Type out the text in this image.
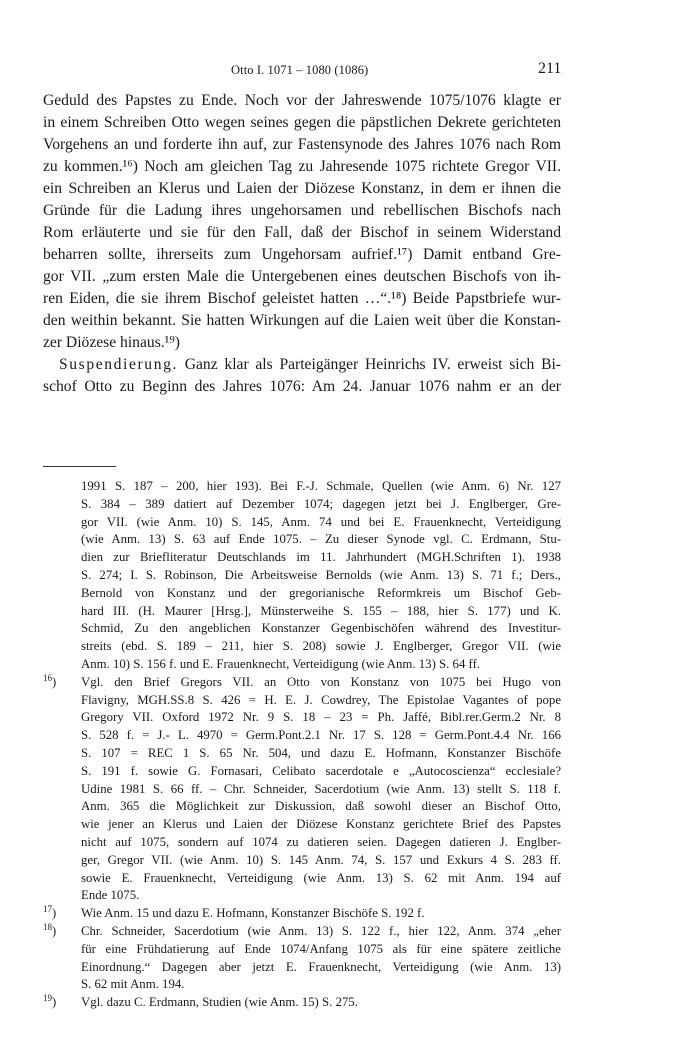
Otto I. 1071 – 1080 (1086)	211
Geduld des Papstes zu Ende. Noch vor der Jahreswende 1075/1076 klagte er
in einem Schreiben Otto wegen seines gegen die päpstlichen Dekrete gerichteten
Vorgehens an und forderte ihn auf, zur Fastensynode des Jahres 1076 nach Rom
zu kommen.¹⁶) Noch am gleichen Tag zu Jahresende 1075 richtete Gregor VII.
ein Schreiben an Klerus und Laien der Diözese Konstanz, in dem er ihnen die
Gründe für die Ladung ihres ungehorsamen und rebellischen Bischofs nach
Rom erläuterte und sie für den Fall, daß der Bischof in seinem Widerstand
beharren sollte, ihrerseits zum Ungehorsam aufrief.¹⁷) Damit entband Gre-
gor VII. „zum ersten Male die Untergebenen eines deutschen Bischofs von ih-
ren Eiden, die sie ihrem Bischof geleistet hatten …“.¹⁸) Beide Papstbriefe wur-
den weithin bekannt. Sie hatten Wirkungen auf die Laien weit über die Konstan-
zer Diözese hinaus.¹⁹)
Suspendierung. Ganz klar als Parteigänger Heinrichs IV. erweist sich Bi-
schof Otto zu Beginn des Jahres 1076: Am 24. Januar 1076 nahm er an der
1991 S. 187 – 200, hier 193). Bei F.-J. Schmale, Quellen (wie Anm. 6) Nr. 127
S. 384 – 389 datiert auf Dezember 1074; dagegen jetzt bei J. Englberger, Gre-
gor VII. (wie Anm. 10) S. 145, Anm. 74 und bei E. Frauenknecht, Verteidigung
(wie Anm. 13) S. 63 auf Ende 1075. – Zu dieser Synode vgl. C. Erdmann, Stu-
dien zur Briefliteratur Deutschlands im 11. Jahrhundert (MGH.Schriften 1). 1938
S. 274; I. S. Robinson, Die Arbeitsweise Bernolds (wie Anm. 13) S. 71 f.; Ders.,
Bernold von Konstanz und der gregorianische Reformkreis um Bischof Geb-
hard III. (H. Maurer [Hrsg.], Münsterweihe S. 155 – 188, hier S. 177) und K.
Schmid, Zu den angeblichen Konstanzer Gegenbischöfen während des Investitur-
streits (ebd. S. 189 – 211, hier S. 208) sowie J. Englberger, Gregor VII. (wie
Anm. 10) S. 156 f. und E. Frauenknecht, Verteidigung (wie Anm. 13) S. 64 ff.
$^{16}$) Vgl. den Brief Gregors VII. an Otto von Konstanz von 1075 bei Hugo von
Flavigny, MGH.SS.8 S. 426 = H. E. J. Cowdrey, The Epistolae Vagantes of pope
Gregory VII. Oxford 1972 Nr. 9 S. 18 – 23 = Ph. Jaffé, Bibl.rer.Germ.2 Nr. 8
S. 528 f. = J.- L. 4970 = Germ.Pont.2.1 Nr. 17 S. 128 = Germ.Pont.4.4 Nr. 166
S. 107 = REC 1 S. 65 Nr. 504, und dazu E. Hofmann, Konstanzer Bischöfe
S. 191 f. sowie G. Fornasari, Celibato sacerdotale e „Autocoscienza“ ecclesiale?
Udine 1981 S. 66 ff. – Chr. Schneider, Sacerdotium (wie Anm. 13) stellt S. 118 f.
Anm. 365 die Möglichkeit zur Diskussion, daß sowohl dieser an Bischof Otto,
wie jener an Klerus und Laien der Diözese Konstanz gerichtete Brief des Papstes
nicht auf 1075, sondern auf 1074 zu datieren seien. Dagegen datieren J. Englber-
ger, Gregor VII. (wie Anm. 10) S. 145 Anm. 74, S. 157 und Exkurs 4 S. 283 ff.
sowie E. Frauenknecht, Verteidigung (wie Anm. 13) S. 62 mit Anm. 194 auf
Ende 1075.
$^{17}$) Wie Anm. 15 und dazu E. Hofmann, Konstanzer Bischöfe S. 192 f.
$^{18}$) Chr. Schneider, Sacerdotium (wie Anm. 13) S. 122 f., hier 122, Anm. 374 „eher
für eine Frühdatierung auf Ende 1074/Anfang 1075 als für eine spätere zeitliche
Einordnung.“ Dagegen aber jetzt E. Frauenknecht, Verteidigung (wie Anm. 13)
S. 62 mit Anm. 194.
$^{19}$) Vgl. dazu C. Erdmann, Studien (wie Anm. 15) S. 275.
